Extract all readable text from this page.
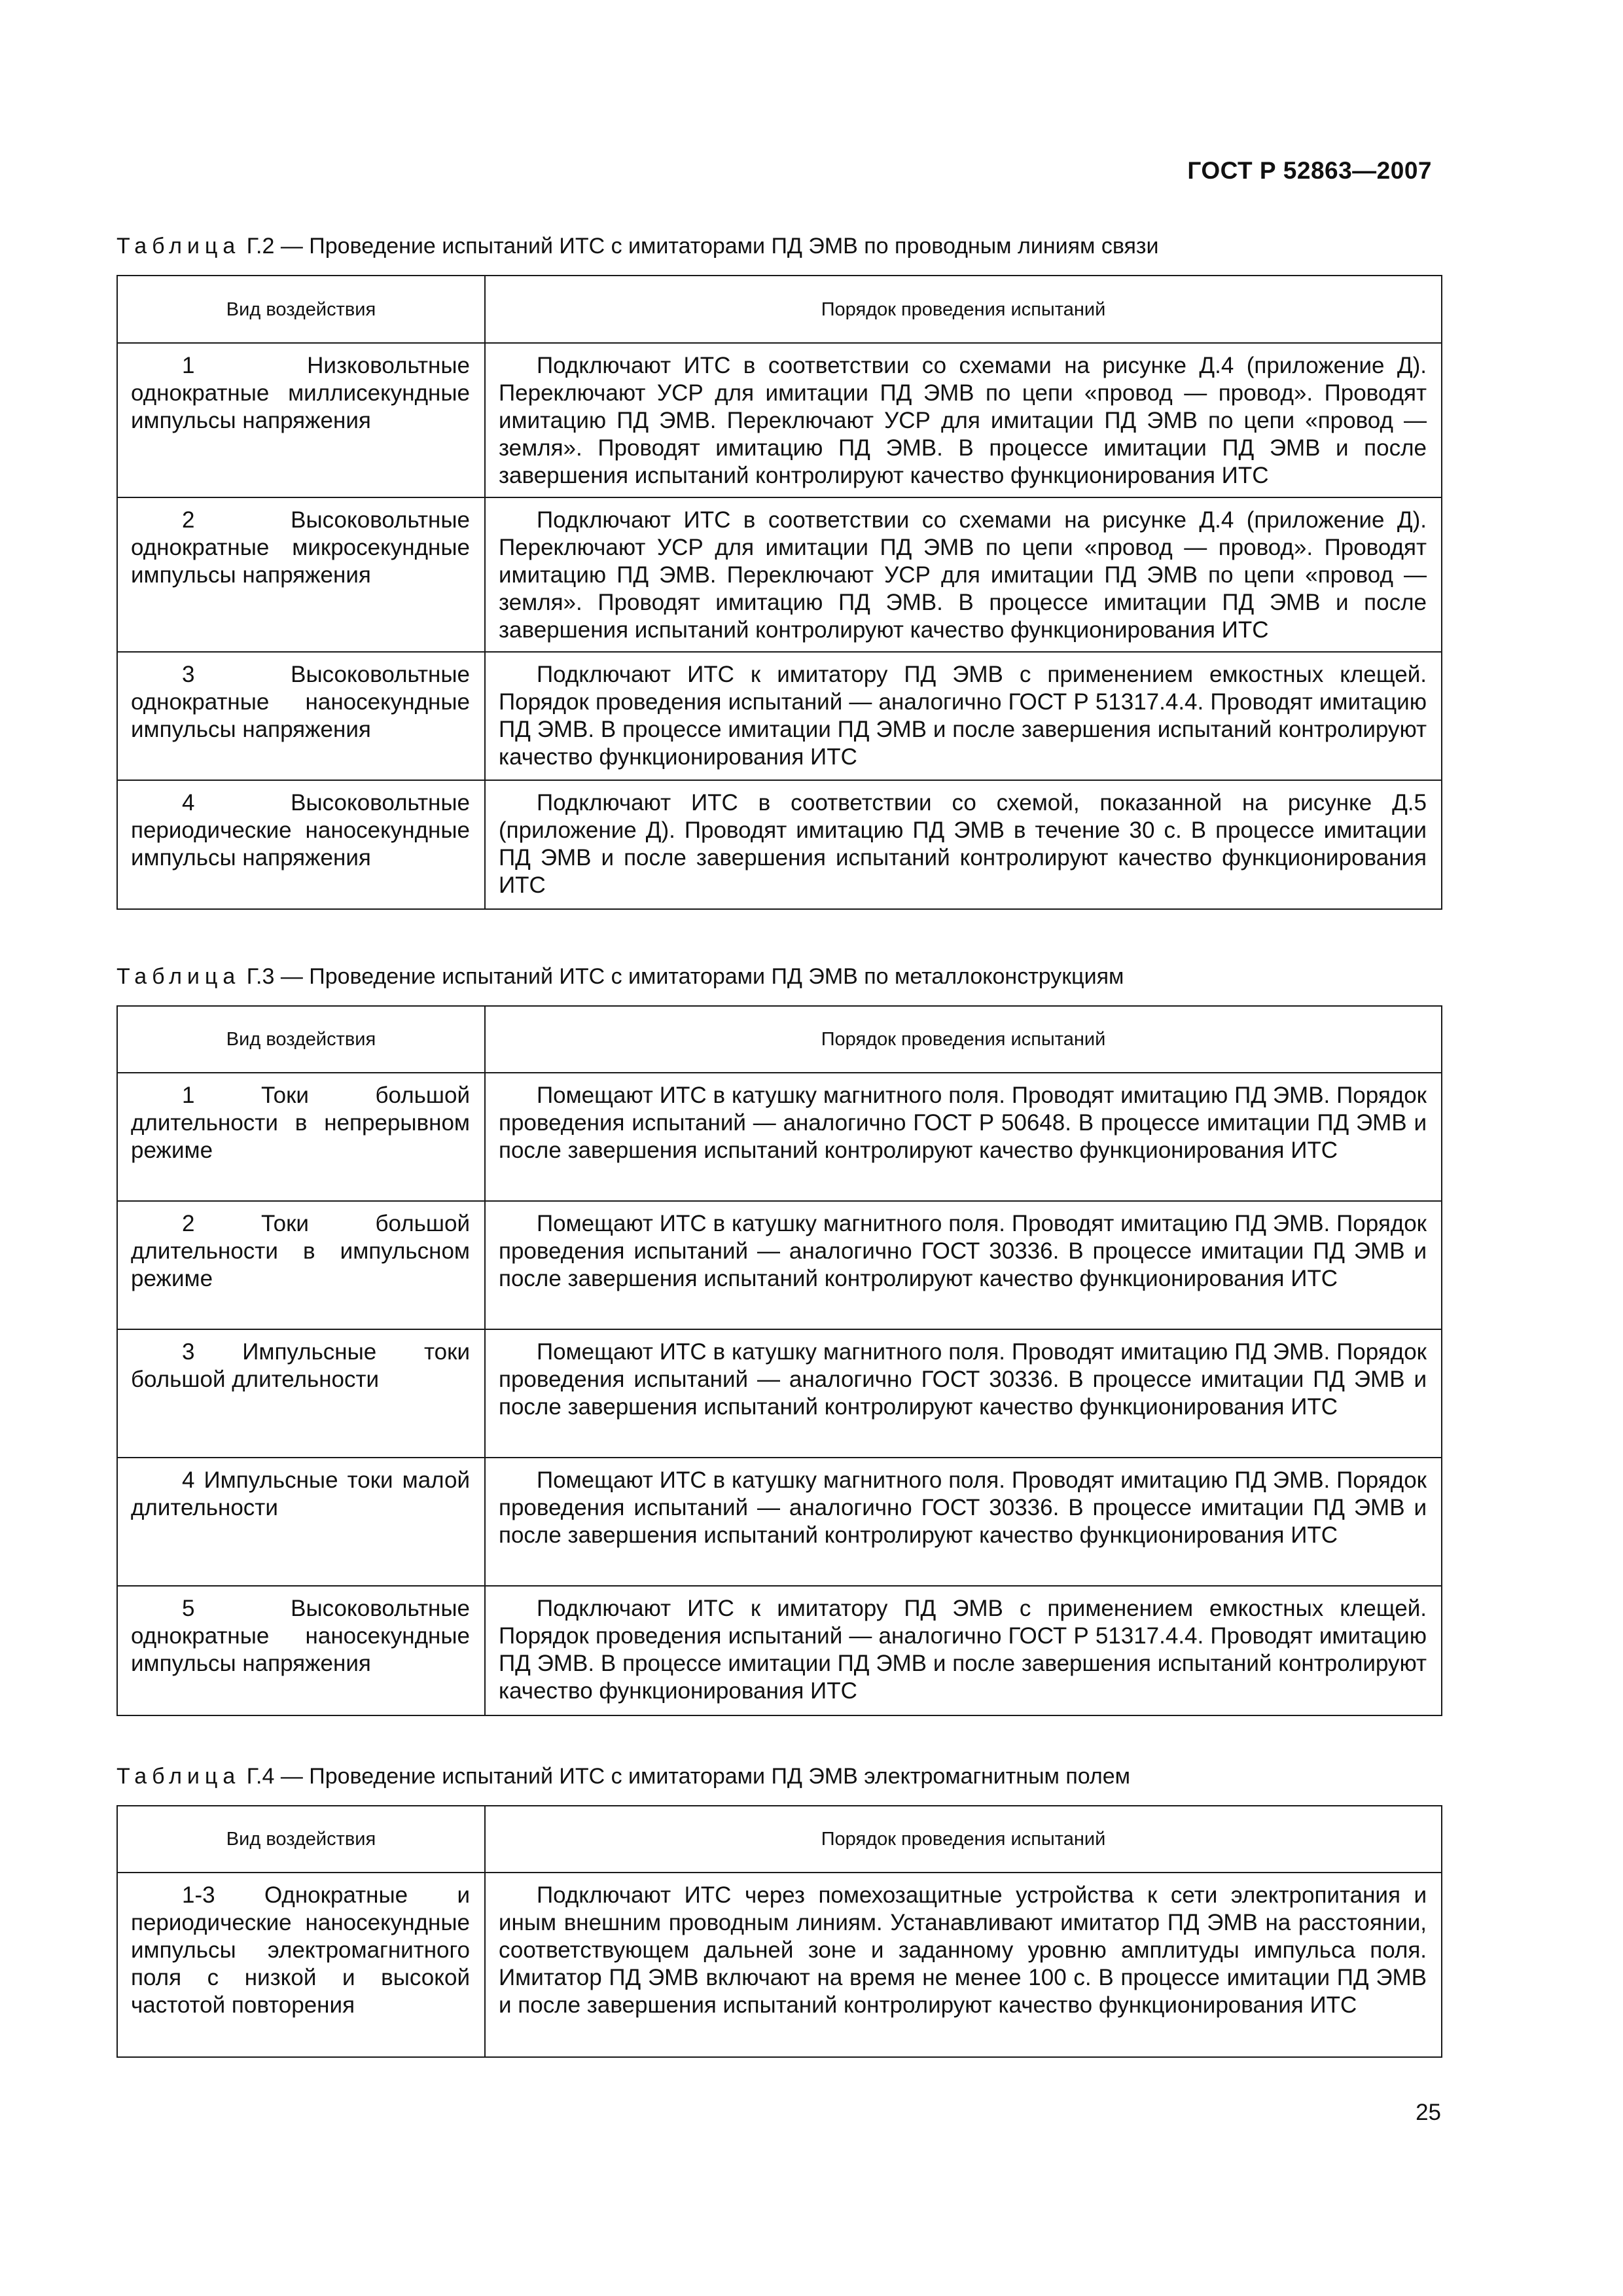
ГОСТ Р 52863—2007
Таблица Г.2 — Проведение испытаний ИТС с имитаторами ПД ЭМВ по проводным линиям связи
Вид воздействия	Порядок проведения испытаний
1 Низковольтные однократные миллисекундные импульсы напряжения	Подключают ИТС в соответствии со схемами на рисунке Д.4 (приложение Д). Переключают УСР для имитации ПД ЭМВ по цепи «провод — провод». Проводят имитацию ПД ЭМВ. Переключают УСР для имитации ПД ЭМВ по цепи «провод — земля». Проводят имитацию ПД ЭМВ. В процессе имитации ПД ЭМВ и после завершения испытаний контролируют качество функционирования ИТС
2 Высоковольтные однократные микросекундные импульсы напряжения	Подключают ИТС в соответствии со схемами на рисунке Д.4 (приложение Д). Переключают УСР для имитации ПД ЭМВ по цепи «провод — провод». Проводят имитацию ПД ЭМВ. Переключают УСР для имитации ПД ЭМВ по цепи «провод — земля». Проводят имитацию ПД ЭМВ. В процессе имитации ПД ЭМВ и после завершения испытаний контролируют качество функционирования ИТС
3 Высоковольтные однократные наносекундные импульсы напряжения	Подключают ИТС к имитатору ПД ЭМВ с применением емкостных клещей. Порядок проведения испытаний — аналогично ГОСТ Р 51317.4.4. Проводят имитацию ПД ЭМВ. В процессе имитации ПД ЭМВ и после завершения испытаний контролируют качество функционирования ИТС
4 Высоковольтные периодические наносекундные импульсы напряжения	Подключают ИТС в соответствии со схемой, показанной на рисунке Д.5 (приложение Д). Проводят имитацию ПД ЭМВ в течение 30 с. В процессе имитации ПД ЭМВ и после завершения испытаний контролируют качество функционирования ИТС
Таблица Г.3 — Проведение испытаний ИТС с имитаторами ПД ЭМВ по металлоконструкциям
Вид воздействия	Порядок проведения испытаний
1 Токи большой длительности в непрерывном режиме	Помещают ИТС в катушку магнитного поля. Проводят имитацию ПД ЭМВ. Порядок проведения испытаний — аналогично ГОСТ Р 50648. В процессе имитации ПД ЭМВ и после завершения испытаний контролируют качество функционирования ИТС
2 Токи большой длительности в импульсном режиме	Помещают ИТС в катушку магнитного поля. Проводят имитацию ПД ЭМВ. Порядок проведения испытаний — аналогично ГОСТ 30336. В процессе имитации ПД ЭМВ и после завершения испытаний контролируют качество функционирования ИТС
3 Импульсные токи большой длительности	Помещают ИТС в катушку магнитного поля. Проводят имитацию ПД ЭМВ. Порядок проведения испытаний — аналогично ГОСТ 30336. В процессе имитации ПД ЭМВ и после завершения испытаний контролируют качество функционирования ИТС
4 Импульсные токи малой длительности	Помещают ИТС в катушку магнитного поля. Проводят имитацию ПД ЭМВ. Порядок проведения испытаний — аналогично ГОСТ 30336. В процессе имитации ПД ЭМВ и после завершения испытаний контролируют качество функционирования ИТС
5 Высоковольтные однократные наносекундные импульсы напряжения	Подключают ИТС к имитатору ПД ЭМВ с применением емкостных клещей. Порядок проведения испытаний — аналогично ГОСТ Р 51317.4.4. Проводят имитацию ПД ЭМВ. В процессе имитации ПД ЭМВ и после завершения испытаний контролируют качество функционирования ИТС
Таблица Г.4 — Проведение испытаний ИТС с имитаторами ПД ЭМВ электромагнитным полем
Вид воздействия	Порядок проведения испытаний
1-3 Однократные и периодические наносекундные импульсы электромагнитного поля с низкой и высокой частотой повторения	Подключают ИТС через помехозащитные устройства к сети электропитания и иным внешним проводным линиям. Устанавливают имитатор ПД ЭМВ на расстоянии, соответствующем дальней зоне и заданному уровню амплитуды импульса поля. Имитатор ПД ЭМВ включают на время не менее 100 с. В процессе имитации ПД ЭМВ и после завершения испытаний контролируют качество функционирования ИТС
25
